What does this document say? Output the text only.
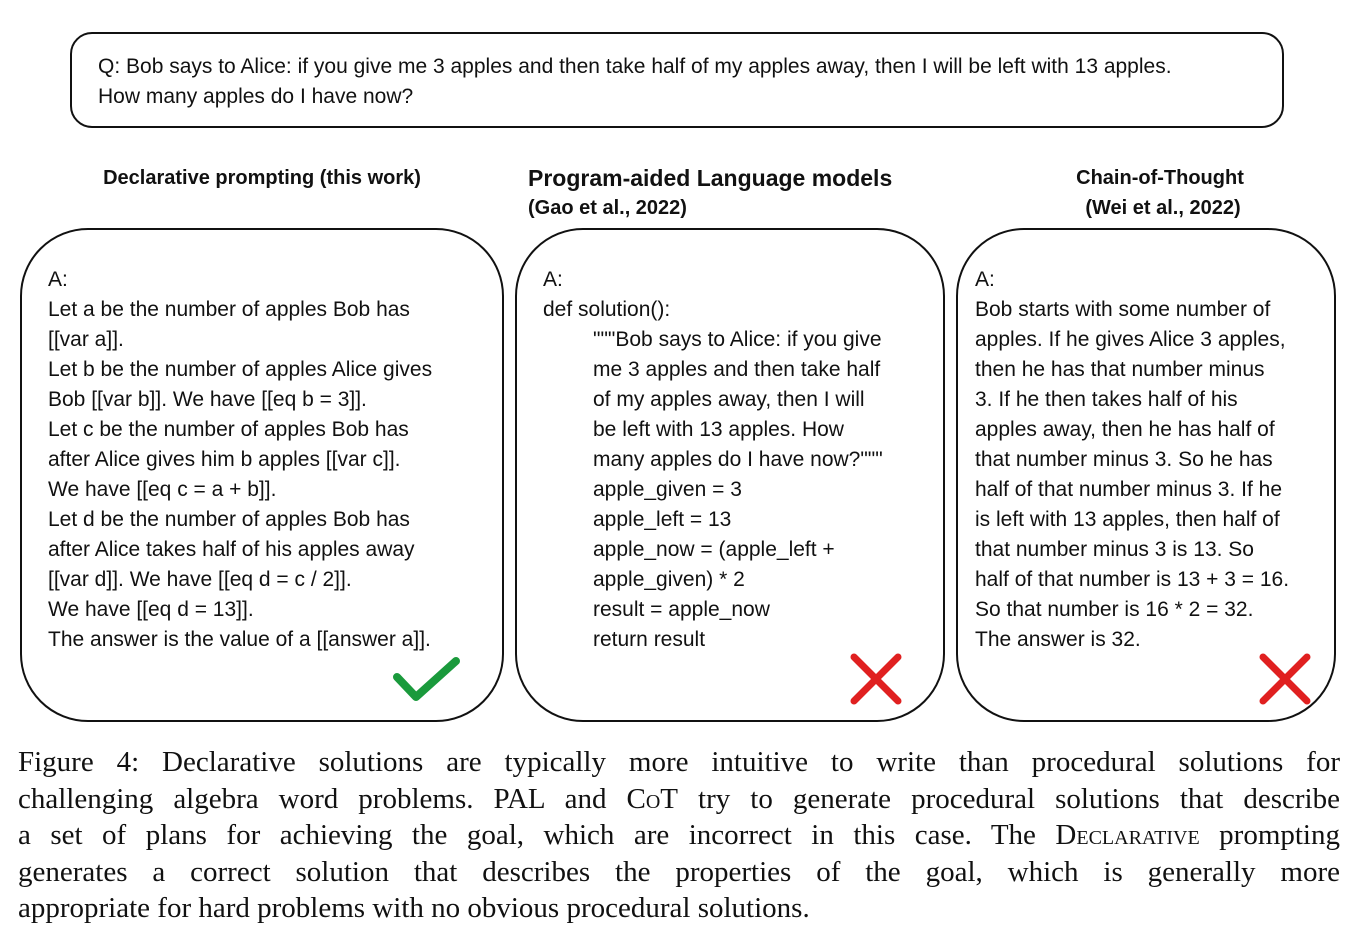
Q: Bob says to Alice: if you give me 3 apples and then take half of my apples away, then I will be left with 13 apples.
How many apples do I have now?
Declarative prompting (this work)	Program-aided Language models
(Gao et al., 2022)
Chain-of-Thought
(Wei et al., 2022)
A:
Let a be the number of apples Bob has
[[var a]].
Let b be the number of apples Alice gives
Bob [[var b]]. We have [[eq b = 3]].
Let c be the number of apples Bob has
after Alice gives him b apples [[var c]].
We have [[eq c = a + b]].
Let d be the number of apples Bob has
after Alice takes half of his apples away
[[var d]]. We have [[eq d = c / 2]].
We have [[eq d = 13]].
The answer is the value of a [[answer a]].
A:
def solution():
"""Bob says to Alice: if you give
me 3 apples and then take half
of my apples away, then I will
be left with 13 apples. How
many apples do I have now?"""
apple_given = 3
apple_left = 13
apple_now = (apple_left +
apple_given) * 2
result = apple_now
return result
A:
Bob starts with some number of
apples. If he gives Alice 3 apples,
then he has that number minus
3. If he then takes half of his
apples away, then he has half of
that number minus 3. So he has
half of that number minus 3. If he
is left with 13 apples, then half of
that number minus 3 is 13. So
half of that number is 13 + 3 = 16.
So that number is 16 * 2 = 32.
The answer is 32.
Figure 4: Declarative solutions are typically more intuitive to write than procedural solutions for
challenging algebra word problems. PAL and CoT try to generate procedural solutions that describe
a set of plans for achieving the goal, which are incorrect in this case. The Declarative prompting
generates a correct solution that describes the properties of the goal, which is generally more
appropriate for hard problems with no obvious procedural solutions.
